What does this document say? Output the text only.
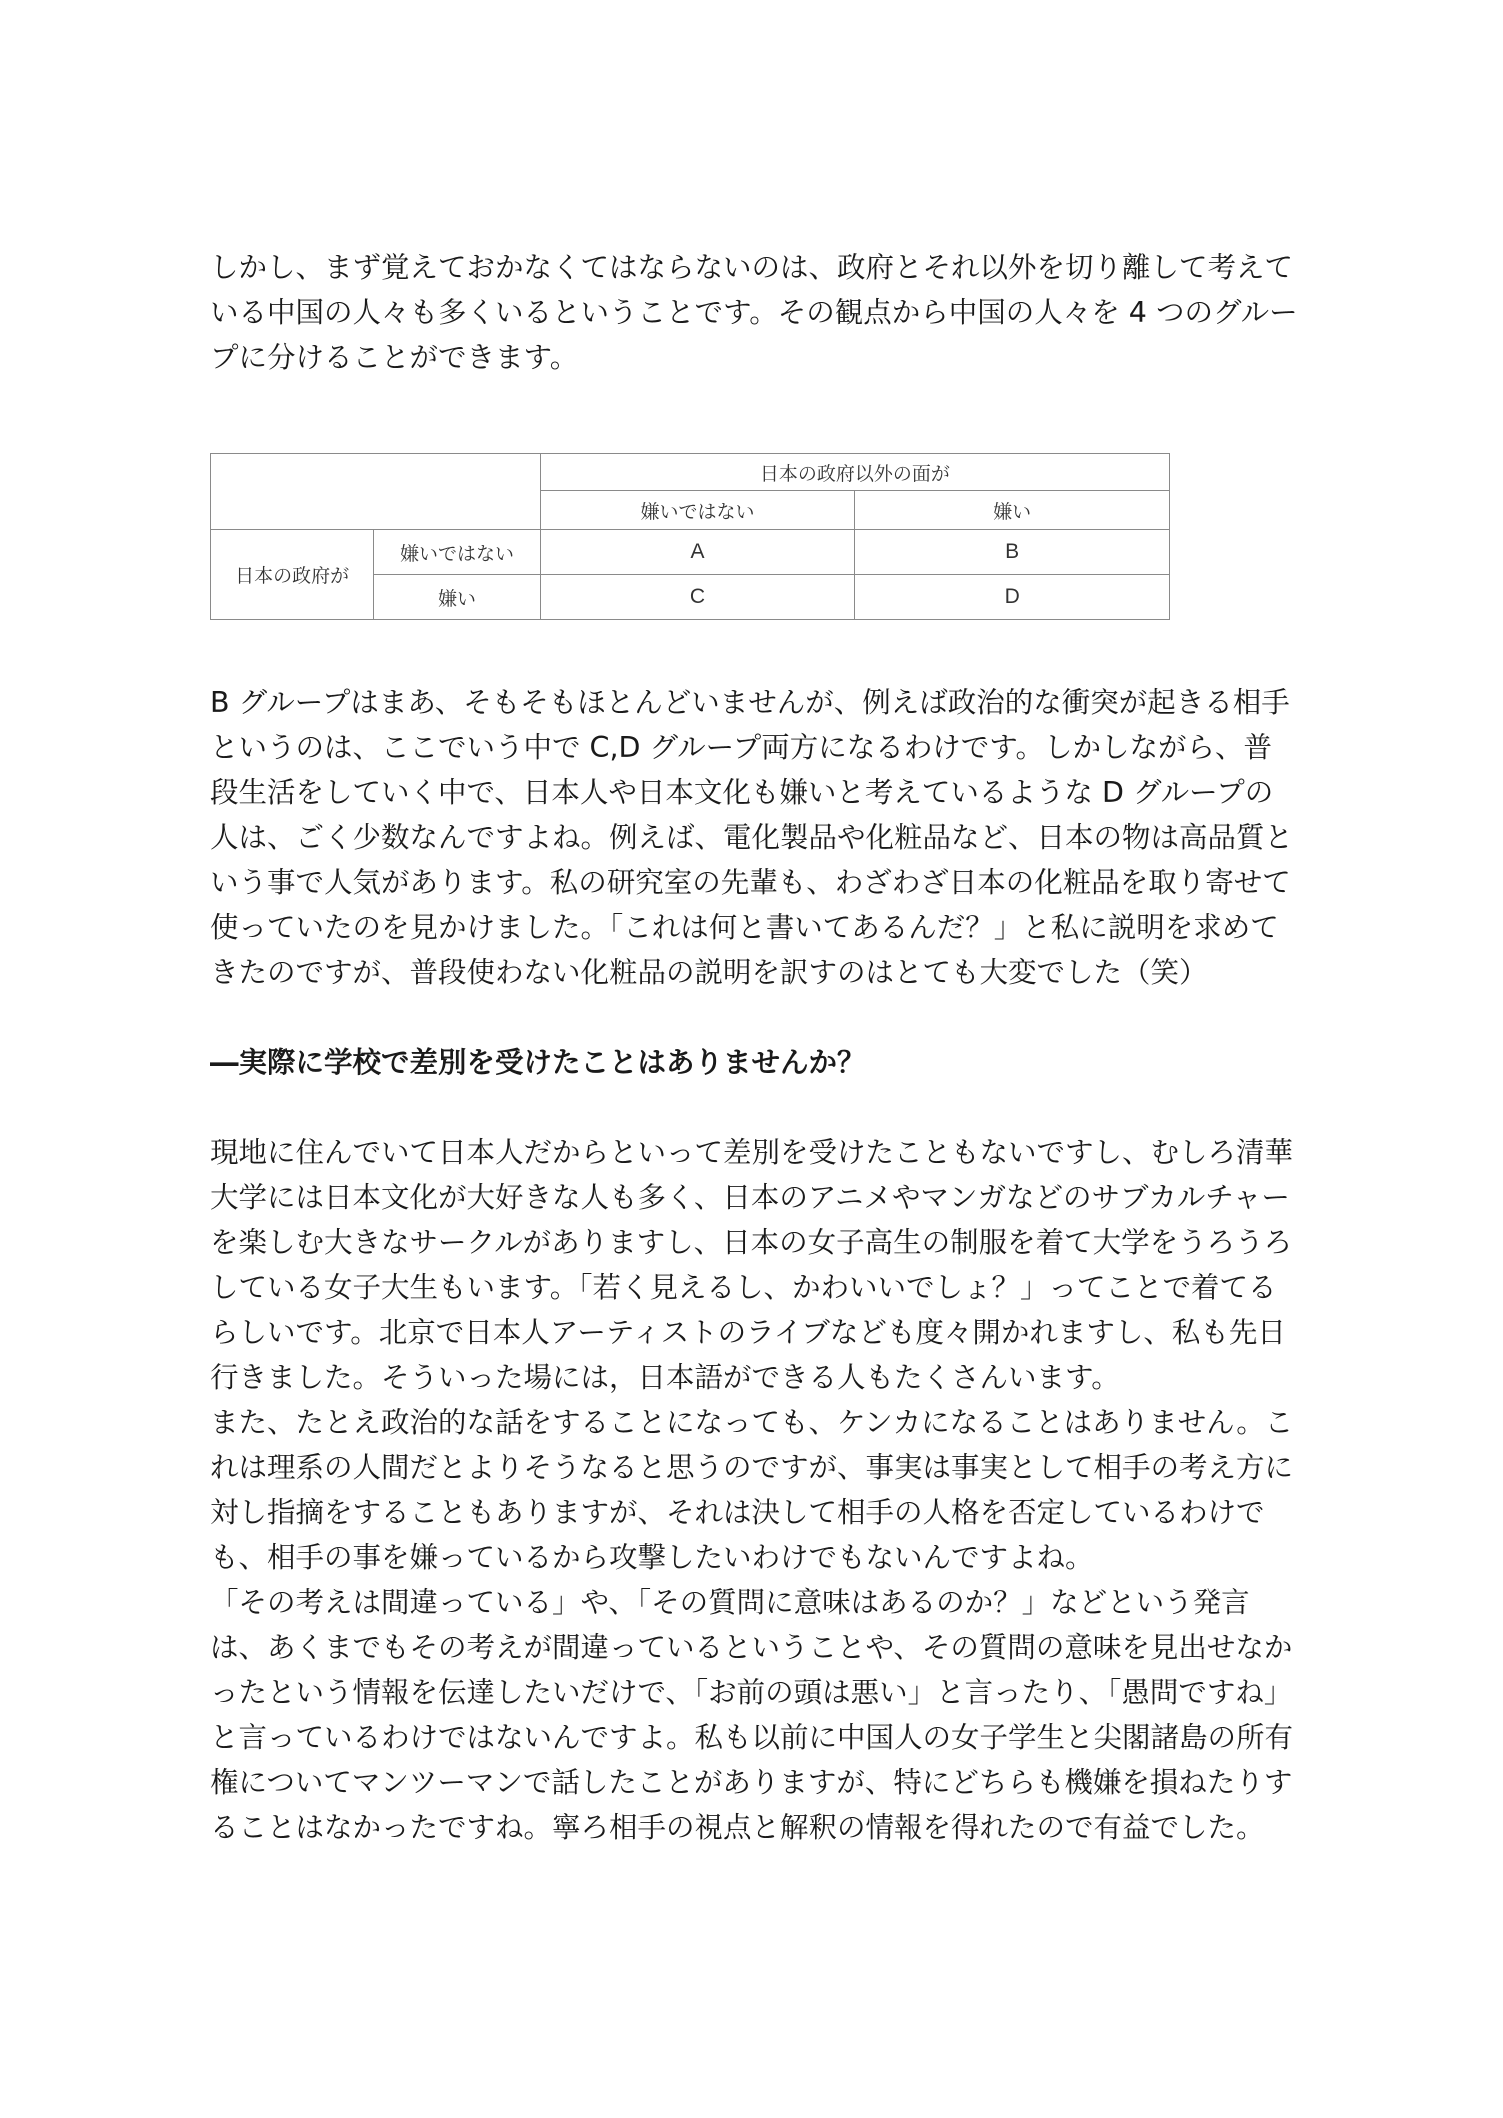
しかし、まず覚えておかなくてはならないのは、政府とそれ以外を切り離して考えている中国の人々も多くいるということです。その観点から中国の人々を 4 つのグループに分けることができます。

		日本の政府以外の面が	
		嫌いではない	嫌い
日本の政府が	嫌いではない	A	B
	嫌い	C	D

B グループはまあ、そもそもほとんどいませんが、例えば政治的な衝突が起きる相手というのは、ここでいう中で C,D グループ両方になるわけです。しかしながら、普段生活をしていく中で、日本人や日本文化も嫌いと考えているような D グループの人は、ごく少数なんですよね。例えば、電化製品や化粧品など、日本の物は高品質という事で人気があります。私の研究室の先輩も、わざわざ日本の化粧品を取り寄せて使っていたのを見かけました。「これは何と書いてあるんだ？」と私に説明を求めてきたのですが、普段使わない化粧品の説明を訳すのはとても大変でした（笑）

―実際に学校で差別を受けたことはありませんか？

現地に住んでいて日本人だからといって差別を受けたこともないですし、むしろ清華大学には日本文化が大好きな人も多く、日本のアニメやマンガなどのサブカルチャーを楽しむ大きなサークルがありますし、日本の女子高生の制服を着て大学をうろうろしている女子大生もいます。「若く見えるし、かわいいでしょ？」ってことで着てるらしいです。北京で日本人アーティストのライブなども度々開かれますし、私も先日行きました。そういった場には，日本語ができる人もたくさんいます。

また、たとえ政治的な話をすることになっても、ケンカになることはありません。これは理系の人間だとよりそうなると思うのですが、事実は事実として相手の考え方に対し指摘をすることもありますが、それは決して相手の人格を否定しているわけでも、相手の事を嫌っているから攻撃したいわけでもないんですよね。

「その考えは間違っている」や、「その質問に意味はあるのか？」などという発言は、あくまでもその考えが間違っているということや、その質問の意味を見出せなかったという情報を伝達したいだけで、「お前の頭は悪い」と言ったり、「愚問ですね」と言っているわけではないんですよ。私も以前に中国人の女子学生と尖閣諸島の所有権についてマンツーマンで話したことがありますが、特にどちらも機嫌を損ねたりすることはなかったですね。寧ろ相手の視点と解釈の情報を得れたので有益でした。
